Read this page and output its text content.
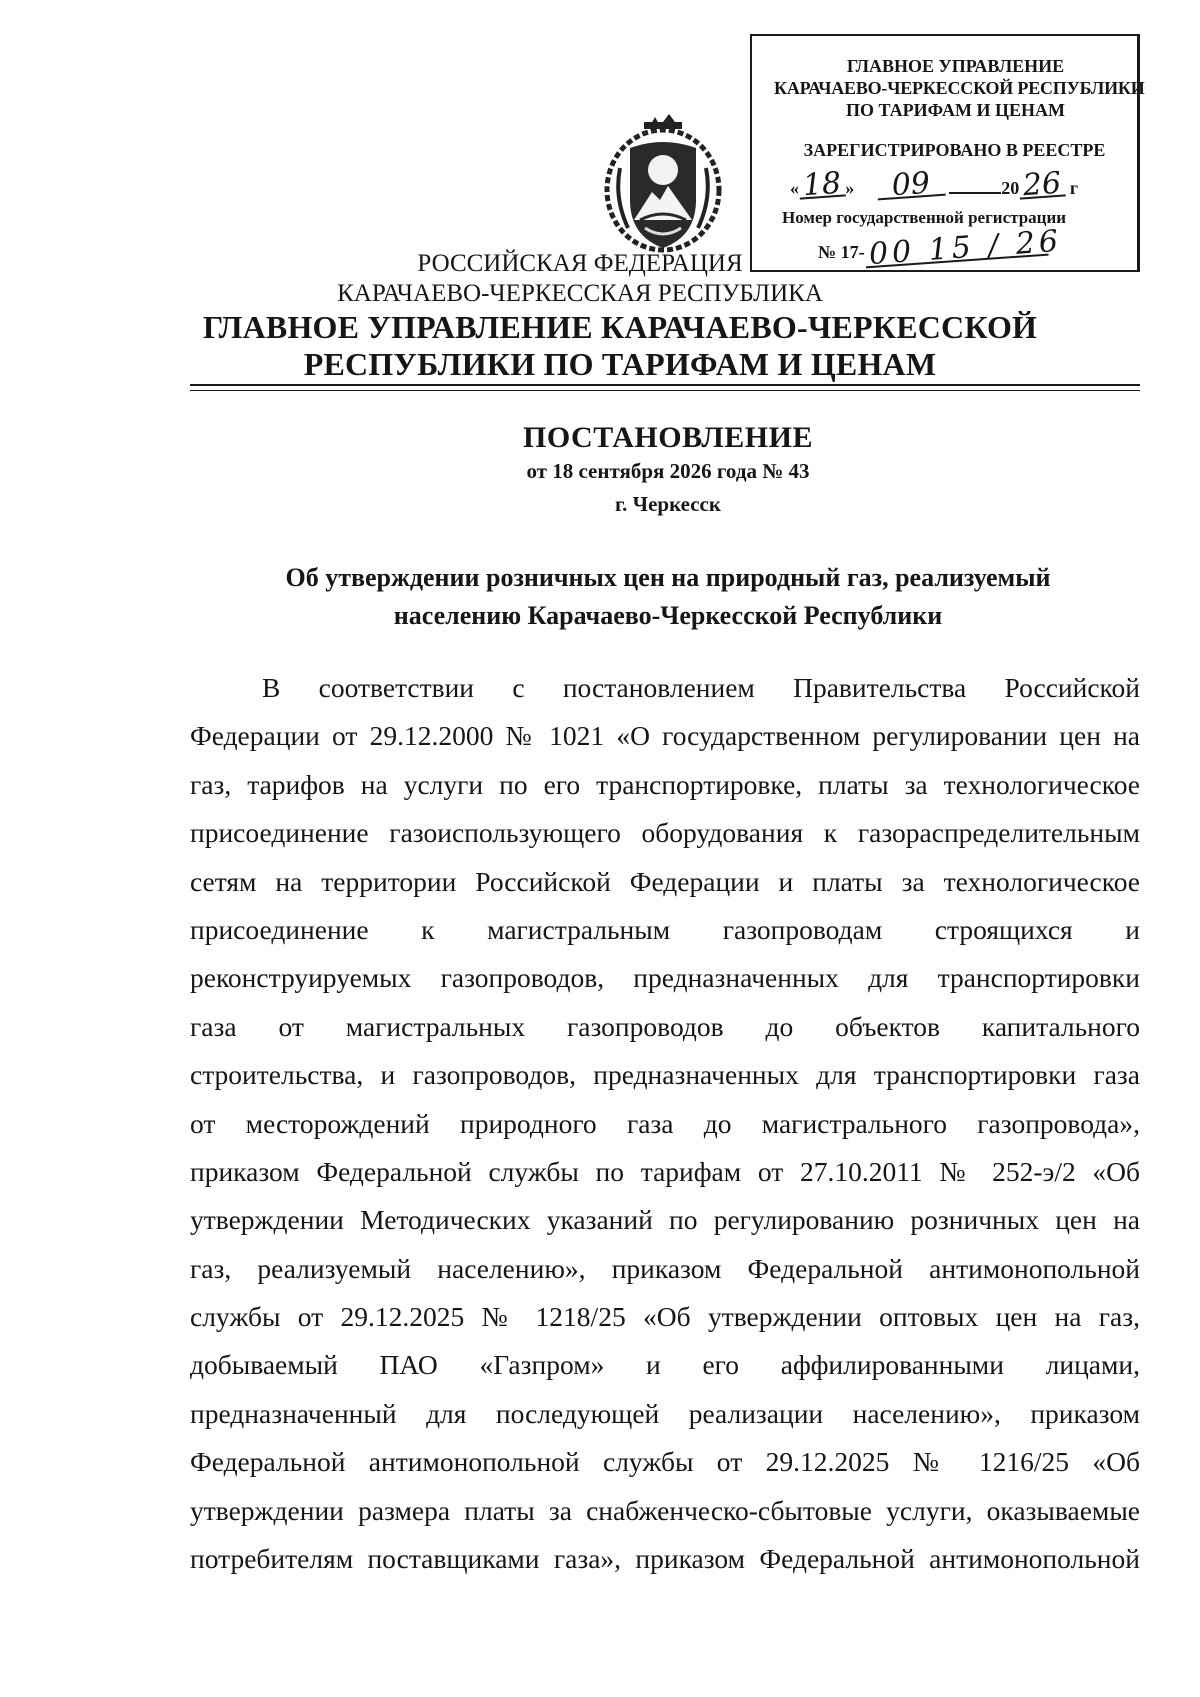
ГЛАВНОЕ УПРАВЛЕНИЕ
КАРАЧАЕВО-ЧЕРКЕССКОЙ РЕСПУБЛИКИ
ПО ТАРИФАМ И ЦЕНАМ
ЗАРЕГИСТРИРОВАНО В РЕЕСТРЕ
«18 » 09	2026 г
Номер государственной регистрации
№ 17-00 15 / 26
РОССИЙСКАЯ ФЕДЕРАЦИЯ
КАРАЧАЕВО-ЧЕРКЕССКАЯ РЕСПУБЛИКА
ГЛАВНОЕ УПРАВЛЕНИЕ КАРАЧАЕВО-ЧЕРКЕССКОЙ
РЕСПУБЛИКИ ПО ТАРИФАМ И ЦЕНАМ
ПОСТАНОВЛЕНИЕ
от 18 сентября 2026 года № 43
г. Черкесск
Об утверждении розничных цен на природный газ, реализуемый
населению Карачаево-Черкесской Республики
В соответствии с постановлением Правительства Российской
Федерации от 29.12.2000 № 1021 «О государственном регулировании цен на
газ, тарифов на услуги по его транспортировке, платы за технологическое
присоединение газоиспользующего оборудования к газораспределительным
сетям на территории Российской Федерации и платы за технологическое
присоединение к магистральным газопроводам строящихся и
реконструируемых газопроводов, предназначенных для транспортировки
газа от магистральных газопроводов до объектов капитального
строительства, и газопроводов, предназначенных для транспортировки газа
от месторождений природного газа до магистрального газопровода»,
приказом Федеральной службы по тарифам от 27.10.2011 № 252-э/2 «Об
утверждении Методических указаний по регулированию розничных цен на
газ, реализуемый населению», приказом Федеральной антимонопольной
службы от 29.12.2025 № 1218/25 «Об утверждении оптовых цен на газ,
добываемый ПАО «Газпром» и его аффилированными лицами,
предназначенный для последующей реализации населению», приказом
Федеральной антимонопольной службы от 29.12.2025 № 1216/25 «Об
утверждении размера платы за снабженческо-сбытовые услуги, оказываемые
потребителям поставщиками газа», приказом Федеральной антимонопольной
